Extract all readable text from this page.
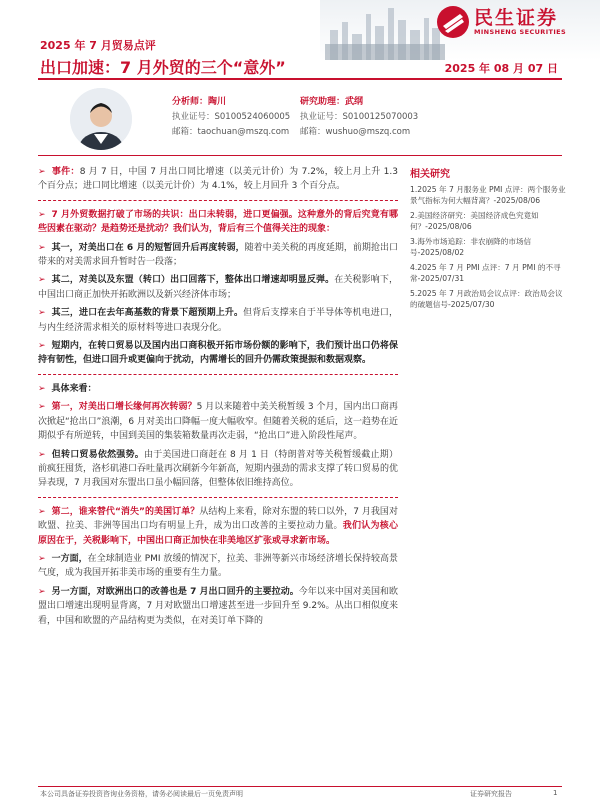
民生证券
MINSHENG SECURITIES
2025 年 7 月贸易点评
出口加速：7 月外贸的三个“意外”	2025 年 08 月 07 日
分析师：陶川
执业证号：S0100524060005
邮箱：taochuan@mszq.com
研究助理：武纲
执业证号：S0100125070003
邮箱：wushuo@mszq.com

➢ 事件：8 月 7 日，中国 7 月出口同比增速（以美元计价）为 7.2%，较上月上升 1.3 个百分点；进口同比增速（以美元计价）为 4.1%，较上月回升 3 个百分点。

➢ 7 月外贸数据打破了市场的共识：出口未转弱，进口更偏强。这种意外的背后究竟有哪些因素在驱动？是趋势还是扰动？我们认为，背后有三个值得关注的现象：

➢ 其一，对美出口在 6 月的短暂回升后再度转弱，随着中美关税的再度延期，前期抢出口带来的对美需求回升暂时告一段落；

➢ 其二，对美以及东盟（转口）出口回落下，整体出口增速却明显反弹。在关税影响下，中国出口商正加快开拓欧洲以及新兴经济体市场；

➢ 其三，进口在去年高基数的背景下超预期上升。但背后支撑来自于半导体等机电进口，与内生经济需求相关的原材料等进口表现分化。

➢ 短期内，在转口贸易以及国内出口商积极开拓市场份额的影响下，我们预计出口仍将保持有韧性，但进口回升或更偏向于扰动，内需增长的回升仍需政策提振和数据观察。

➢ 具体来看：

➢ 第一，对美出口增长缘何再次转弱？5 月以来随着中美关税暂缓 3 个月，国内出口商再次掀起“抢出口”浪潮，6 月对美出口降幅一度大幅收窄。但随着关税的延后，这一趋势在近期似乎有所逆转，中国到美国的集装箱数量再次走弱，“抢出口”进入阶段性尾声。

➢ 但转口贸易依然强势。由于美国进口商赶在 8 月 1 日（特朗普对等关税暂缓截止期）前疯狂囤货，洛杉矶港口吞吐量再次刷新今年新高，短期内强劲的需求支撑了转口贸易的优异表现，7 月我国对东盟出口虽小幅回落，但整体依旧维持高位。

➢ 第二，谁来替代“消失”的美国订单？从结构上来看，除对东盟的转口以外，7 月我国对欧盟、拉美、非洲等国出口均有明显上升，成为出口改善的主要拉动力量。我们认为核心原因在于，关税影响下，中国出口商正加快在非美地区扩张或寻求新市场。

➢ 一方面，在全球制造业 PMI 放缓的情况下，拉美、非洲等新兴市场经济增长保持较高景气度，成为我国开拓非美市场的重要有生力量。

➢ 另一方面，对欧洲出口的改善也是 7 月出口回升的主要拉动。今年以来中国对美国和欧盟出口增速出现明显背离，7 月对欧盟出口增速甚至进一步回升至 9.2%。从出口相似度来看，中国和欧盟的产品结构更为类似，在对美订单下降的

相关研究
1.2025 年 7 月服务业 PMI 点评：两个服务业景气指标为何大幅背离？-2025/08/06
2.美国经济研究：美国经济成色究竟如何？-2025/08/06
3.海外市场追踪：非农崩降的市场信号-2025/08/02
4.2025 年 7 月 PMI 点评：7 月 PMI 的不寻常-2025/07/31
5.2025 年 7 月政治局会议点评：政治局会议的破题信号-2025/07/30
本公司具备证券投资咨询业务资格，请务必阅读最后一页免责声明	证券研究报告	1
